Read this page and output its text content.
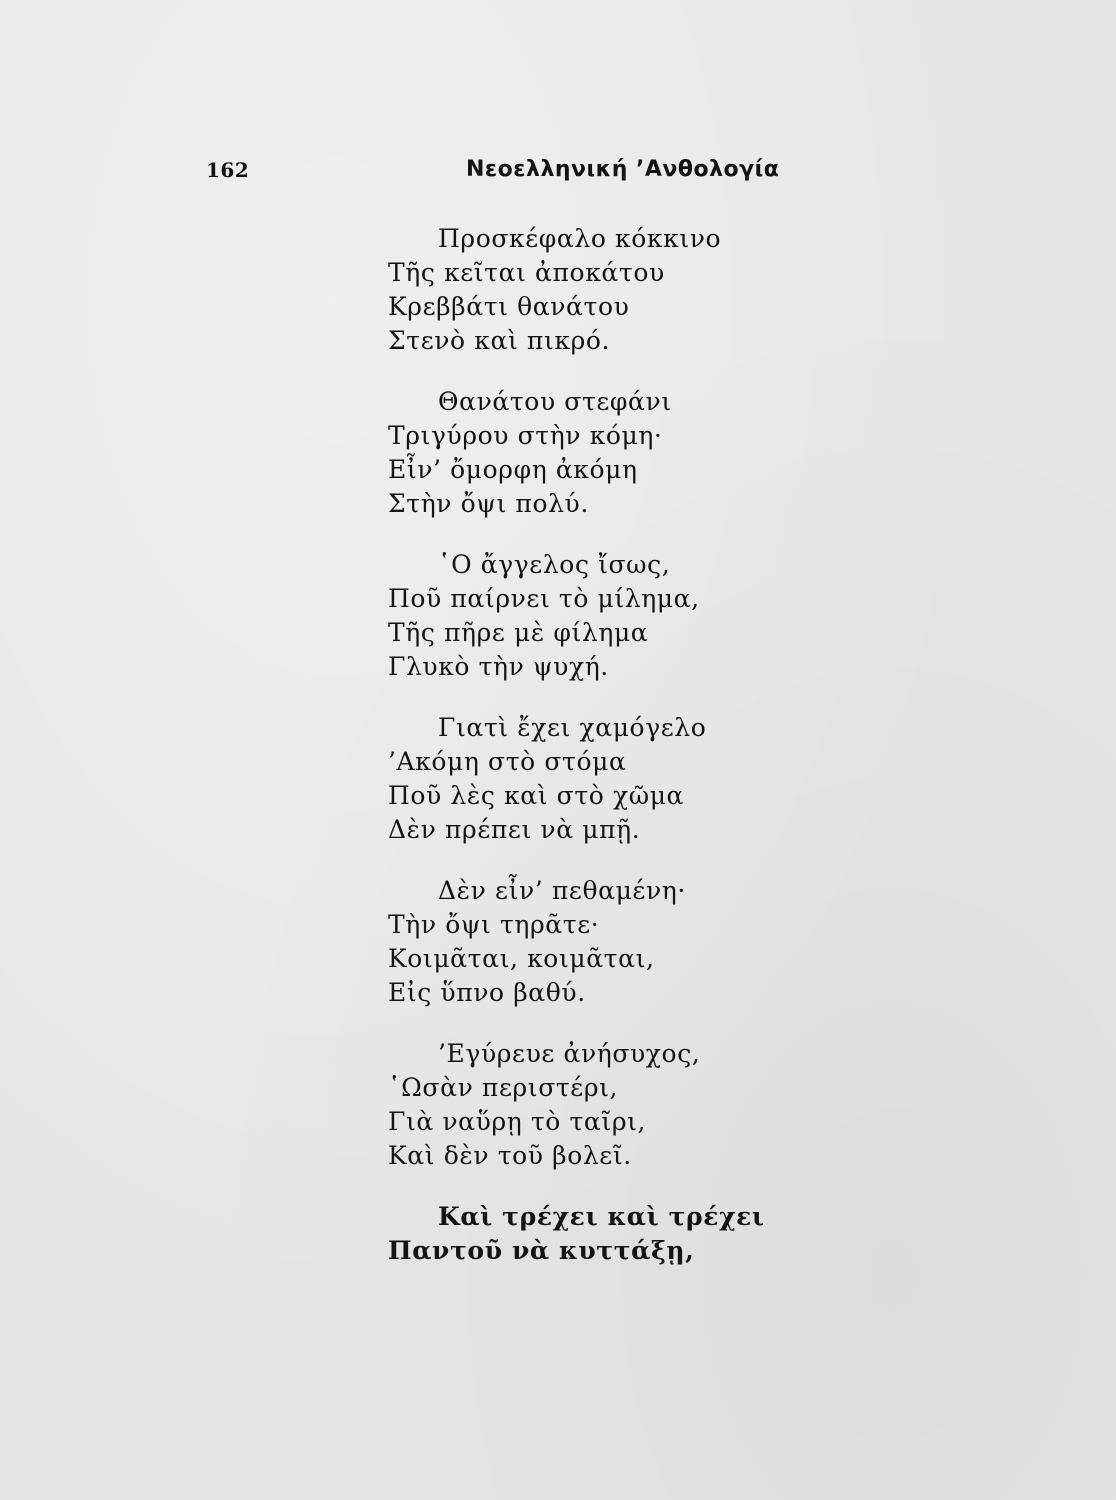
162	Νεοελληνική ’Ανθολογία
Προσκέφαλο κόκκινο
Τῆς κεῖται ἀποκάτου
Κρεββάτι θανάτου
Στενὸ καὶ πικρό.
Θανάτου στεφάνι
Τριγύρου στὴν κόμη·
Εἶν’ ὄμορφη ἀκόμη
Στὴν ὄψι πολύ.
῾Ο ἄγγελος ἴσως,
Ποῦ παίρνει τὸ μίλημα,
Τῆς πῆρε μὲ φίλημα
Γλυκὸ τὴν ψυχή.
Γιατὶ ἔχει χαμόγελο
’Ακόμη στὸ στόμα
Ποῦ λὲς καὶ στὸ χῶμα
Δὲν πρέπει νὰ μπῇ.
Δὲν εἶν’ πεθαμένη·
Τὴν ὄψι τηρᾶτε·
Κοιμᾶται, κοιμᾶται,
Εἰς ὕπνο βαθύ.
’Εγύρευε ἀνήσυχος,
῾Ωσὰν περιστέρι,
Γιὰ ναὕρῃ τὸ ταῖρι,
Καὶ δὲν τοῦ βολεῖ.
Καὶ τρέχει καὶ τρέχει
Παντοῦ νὰ κυττάξῃ,
